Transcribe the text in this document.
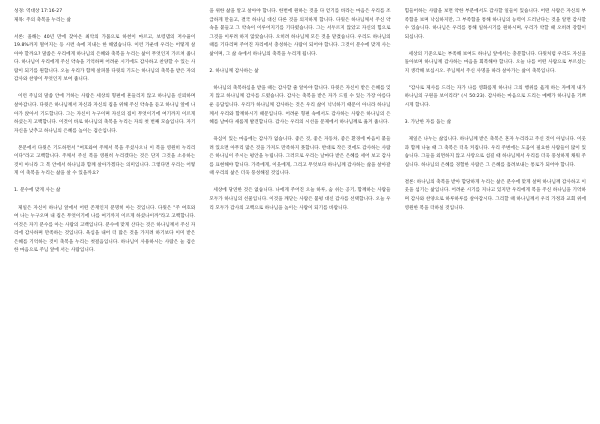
성경: 역대상 17:16-27

제목: 주의 축복을 누리는 삶

서론: 올해는 40년 만에 찾아온 최악의 가뭄으로 하천이 마르고, 보령댐의 저수율이 19.8%까지 떨어지는 등 시련 속에 지내는 한 해였습니다. 이런 가운데 우리는 어떻게 살아야 할까요? 말씀은 우리에게 하나님의 은혜와 축복을 누리는 삶이 무엇인지 가르쳐 줍니다. 하나님이 우리에게 주신 약속을 기억하며 어려운 시기에도 감사하고 찬양할 수 있는 사람이 되기를 원합니다. 오늘 우리가 함께 살펴볼 다윗의 기도는 하나님의 축복을 받은 자의 감사와 찬양이 무엇인지 보여 줍니다.

이런 주님의 말씀 안에 거하는 사람은 세상의 형편에 흔들리지 않고 하나님을 신뢰하며 살아갑니다. 다윗은 하나님께서 자신과 자신의 집을 위해 주신 약속을 듣고 하나님 앞에 나아가 앉아서 기도합니다. 그는 자신이 누구이며 자신의 집이 무엇이기에 여기까지 이르게 하셨는지 고백합니다. 이것이 바로 하나님의 축복을 누리는 자의 첫 번째 모습입니다. 자기 자신을 낮추고 하나님의 은혜를 높이는 겸손입니다.

본문에서 다윗은 기도하면서 "여호와여 주께서 복을 주셨사오니 이 복을 영원히 누리리이다"라고 고백합니다. 주께서 주신 복을 영원히 누리겠다는 것은 단지 그것을 소유하는 것이 아니라 그 복 안에서 하나님과 함께 살아가겠다는 의미입니다. 그렇다면 우리는 어떻게 이 축복을 누리는 삶을 살 수 있을까요?

1. 분수에 맞게 사는 삶

제일은 자신이 하나님 앞에서 어떤 존재인지 분명히 아는 것입니다. 다윗은 "주 여호와여 나는 누구오며 내 집은 무엇이기에 나를 여기까지 이르게 하셨나이까"라고 고백합니다. 이것은 자기 분수를 아는 사람의 고백입니다. 분수에 맞게 산다는 것은 하나님께서 주신 자리에 감사하며 만족하는 것입니다. 욕심을 내어 더 많은 것을 가지려 하기보다 이미 받은 은혜를 기억하는 것이 축복을 누리는 첫걸음입니다. 하나님이 사용하시는 사람은 늘 겸손한 마음으로 주님 앞에 서는 사람입니다.

을 위한 삶을 알고 살아야 합니다. 한번에 원하는 것을 다 얻기를 바라는 마음은 우리를 조급하게 만들고, 결국 하나님 대신 다른 것을 의지하게 합니다. 다윗은 하나님께서 주신 약속을 붙들고 그 약속이 이루어지기를 기다렸습니다. 그는 서두르지 않았고 자신의 힘으로 그것을 이루려 하지 않았습니다. 오히려 하나님께 모든 것을 맡겼습니다. 우리도 하나님의 때를 기다리며 주어진 자리에서 충성하는 사람이 되어야 합니다. 그것이 분수에 맞게 사는 삶이며, 그 삶 속에서 하나님의 축복을 누리게 됩니다.

2. 하나님께 감사하는 삶

하나님의 축복하심을 받을 때는 감사할 줄 알아야 합니다. 다윗은 자신이 받은 은혜를 잊지 않고 하나님께 감사를 드렸습니다. 감사는 축복을 받은 자가 드릴 수 있는 가장 아름다운 응답입니다. 우리가 하나님께 감사하는 것은 우리 삶이 넉넉하기 때문이 아니라 하나님께서 우리와 함께하시기 때문입니다. 어려운 형편 속에서도 감사하는 사람은 하나님의 은혜를 날마다 새롭게 발견합니다. 감사는 우리의 시선을 문제에서 하나님께로 옮겨 줍니다.

욕심이 있는 마음에는 감사가 없습니다. 좋은 것, 좋은 자동차, 좋은 환경에 마음이 붙들려 있으면 아무리 많은 것을 가져도 만족하지 못합니다. 반대로 작은 것에도 감사하는 사람은 하나님이 주시는 평안을 누립니다. 그러므로 우리는 날마다 받은 은혜를 세어 보고 감사를 표현해야 합니다. 가족에게, 이웃에게, 그리고 무엇보다 하나님께 감사하는 삶을 살아갈 때 우리의 삶은 더욱 풍성해질 것입니다.

세상에 당연한 것은 없습니다. 나에게 주어진 오늘 하루, 숨 쉬는 공기, 함께하는 사람들 모두가 하나님의 선물입니다. 이것을 깨닫는 사람은 불평 대신 감사를 선택합니다. 오늘 우리 모두가 감사의 고백으로 하나님을 높이는 사람이 되기를 바랍니다.

힘들어하는 사람을 보면 약한 부분에서도 감사할 일들이 있습니다. 어떤 사람은 자신의 부족함을 보며 낙심하지만, 그 부족함을 통해 하나님의 능력이 드러난다는 것을 알면 감사할 수 있습니다. 하나님은 우리를 통해 일하시기를 원하시며, 우리가 약할 때 오히려 강함이 되십니다.

세상의 기준으로는 부족해 보여도 하나님 앞에서는 충분합니다. 다윗처럼 우리도 자신을 돌아보며 하나님께 감사하는 마음을 회복해야 합니다. 오늘 나를 어떤 사람으로 부르셨는지 생각해 보십시오. 주님께서 주신 사명을 따라 살아가는 삶이 축복입니다.

"감사로 제사를 드리는 자가 나를 영화롭게 하나니 그의 행위를 옳게 하는 자에게 내가 하나님의 구원을 보이리라" (시 50:23). 감사하는 마음으로 드리는 예배가 하나님을 기쁘시게 합니다.

3. 가난한 자를 돕는 삶

제일은 나누는 삶입니다. 하나님께 받은 축복은 혼자 누리라고 주신 것이 아닙니다. 이웃과 함께 나눌 때 그 축복은 더욱 커집니다. 우리 주변에는 도움이 필요한 사람들이 많이 있습니다. 그들을 외면하지 않고 사랑으로 섬길 때 하나님께서 우리를 더욱 풍성하게 채워 주십니다. 하나님의 은혜를 경험한 사람은 그 은혜를 흘려보내는 통로가 되어야 합니다.

결론: 하나님의 축복을 받아 합당하게 누리는 삶은 분수에 맞게 살며 하나님께 감사하고 이웃을 섬기는 삶입니다. 어려운 시기를 지나고 있지만 우리에게 복을 주신 하나님을 기억하며 감사와 찬양으로 하루하루를 살아갑시다. 그리할 때 하나님께서 우리 가정과 교회 위에 영원한 복을 더하실 것입니다.
